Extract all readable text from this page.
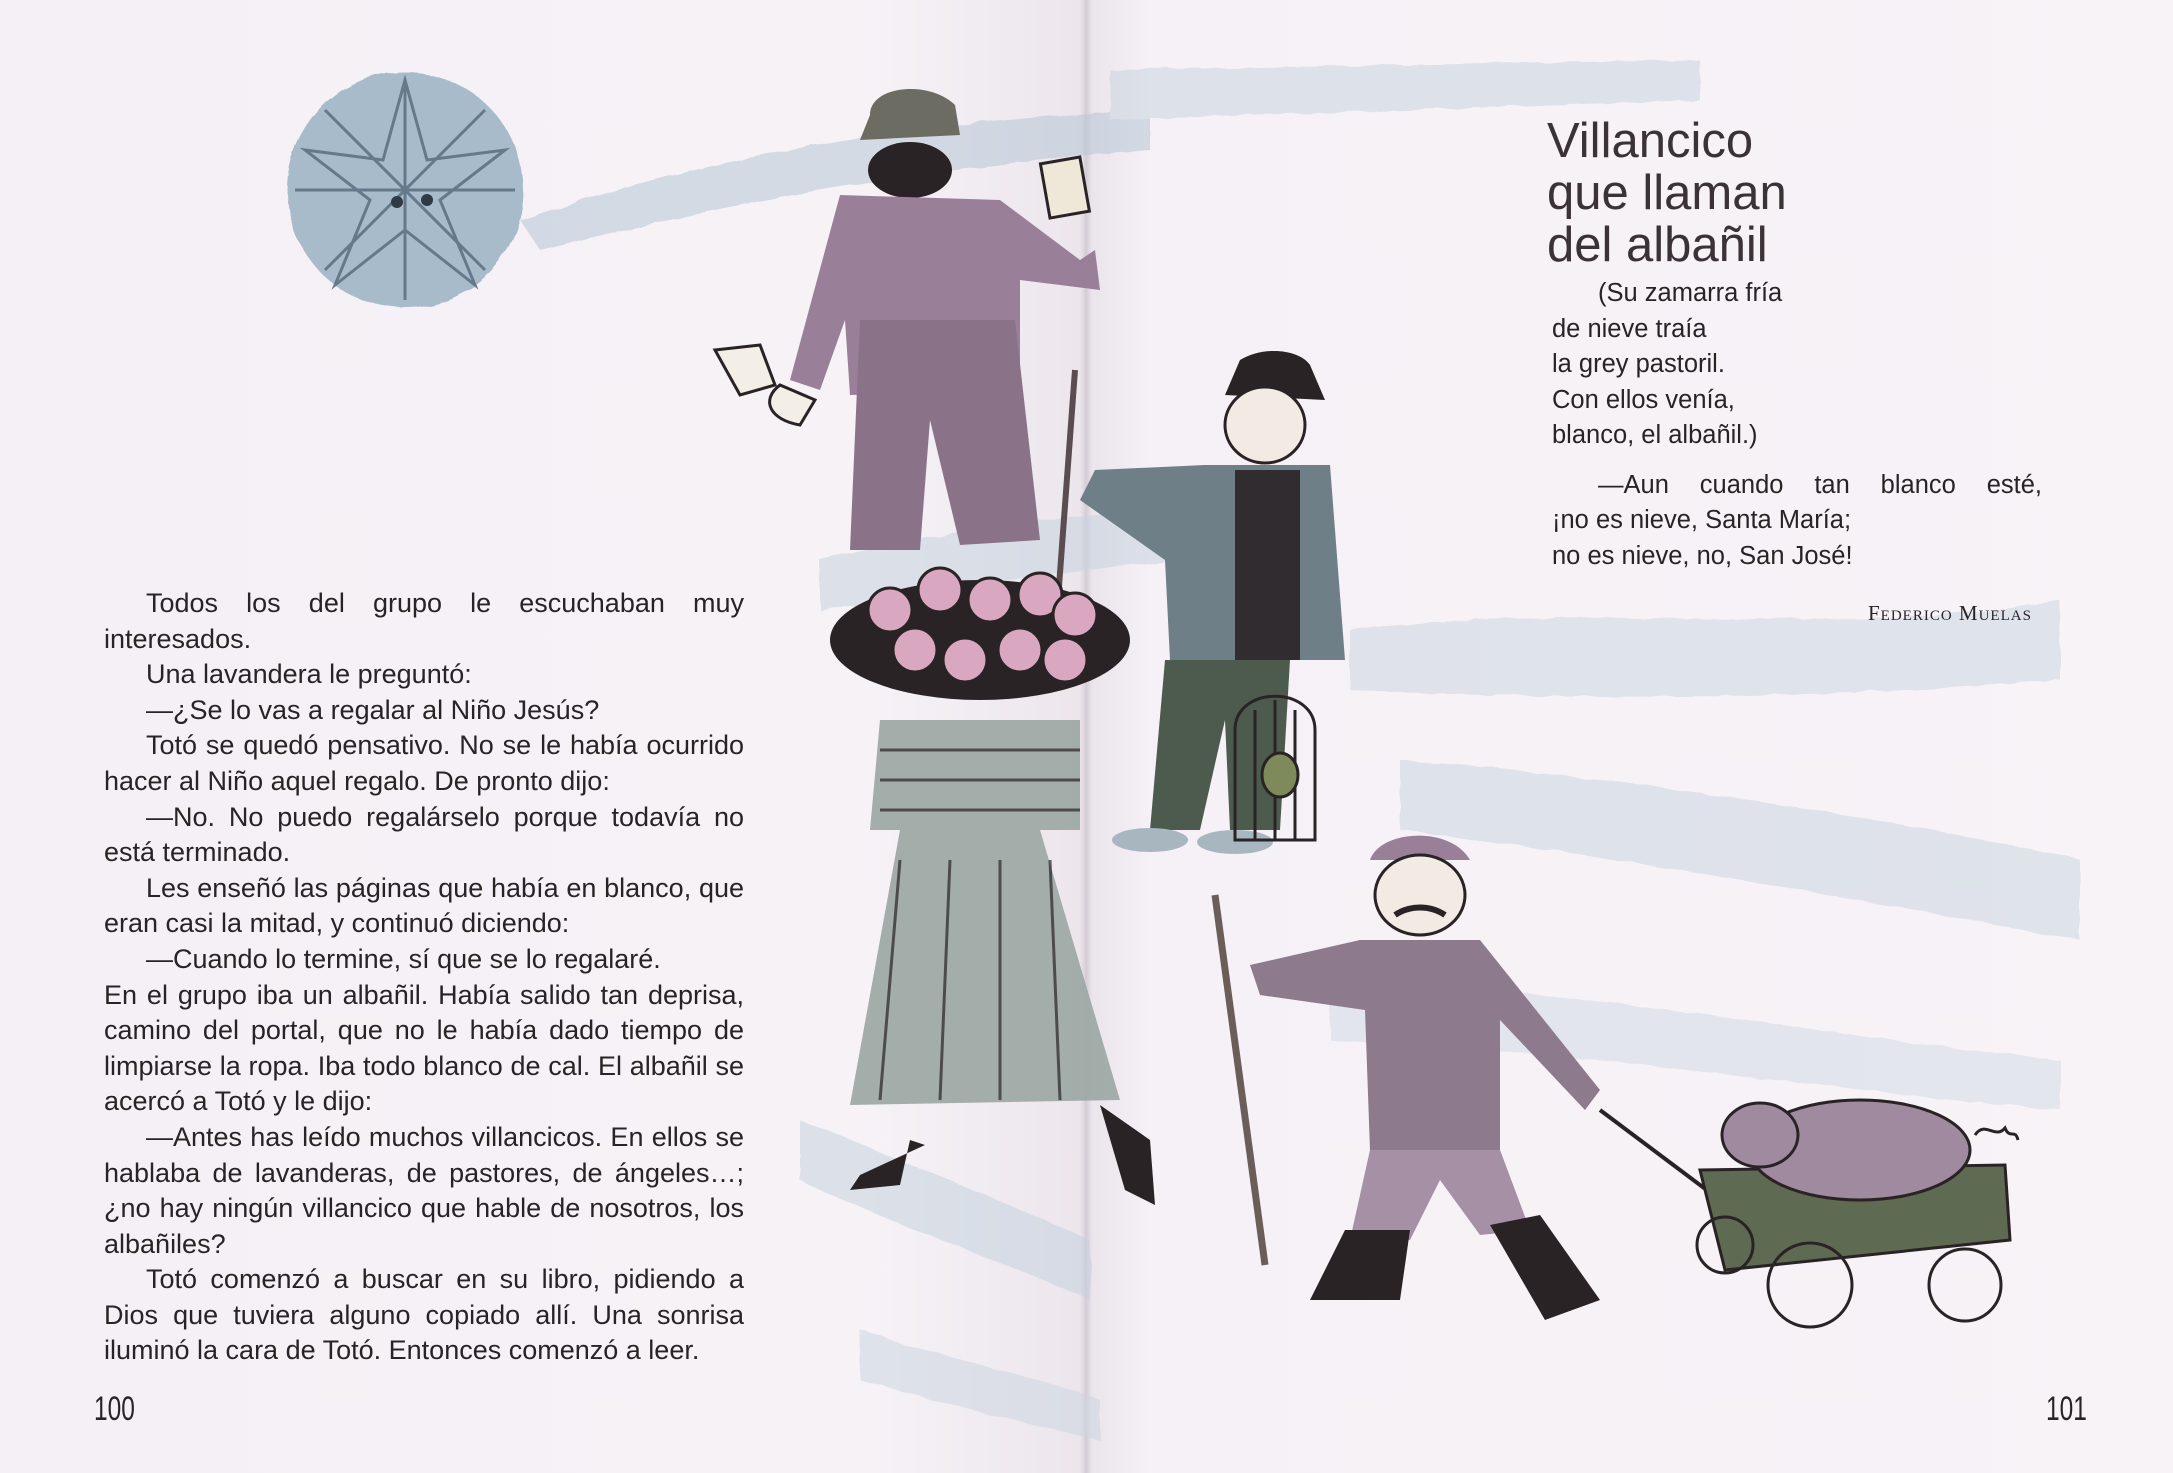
Todos los del grupo le escuchaban muy interesados.

Una lavandera le preguntó:

—¿Se lo vas a regalar al Niño Jesús?

Totó se quedó pensativo. No se le había ocurrido hacer al Niño aquel regalo. De pronto dijo:

—No. No puedo regalárselo porque todavía no está terminado.

Les enseñó las páginas que había en blanco, que eran casi la mitad, y continuó diciendo:

—Cuando lo termine, sí que se lo regalaré.

En el grupo iba un albañil. Había salido tan deprisa, camino del portal, que no le había dado tiempo de limpiarse la ropa. Iba todo blanco de cal. El albañil se acercó a Totó y le dijo:

—Antes has leído muchos villancicos. En ellos se hablaba de lavanderas, de pastores, de ángeles…; ¿no hay ningún villancico que hable de nosotros, los albañiles?

Totó comenzó a buscar en su libro, pidiendo a Dios que tuviera alguno copiado allí. Una sonrisa iluminó la cara de Totó. Entonces comenzó a leer.

100
Villancico
que llaman
del albañil
(Su zamarra fría
de nieve traía
la grey pastoril.
Con ellos venía,
blanco, el albañil.)
—Aun cuando tan blanco esté,
¡no es nieve, Santa María;
no es nieve, no, San José!
Federico Muelas
101
